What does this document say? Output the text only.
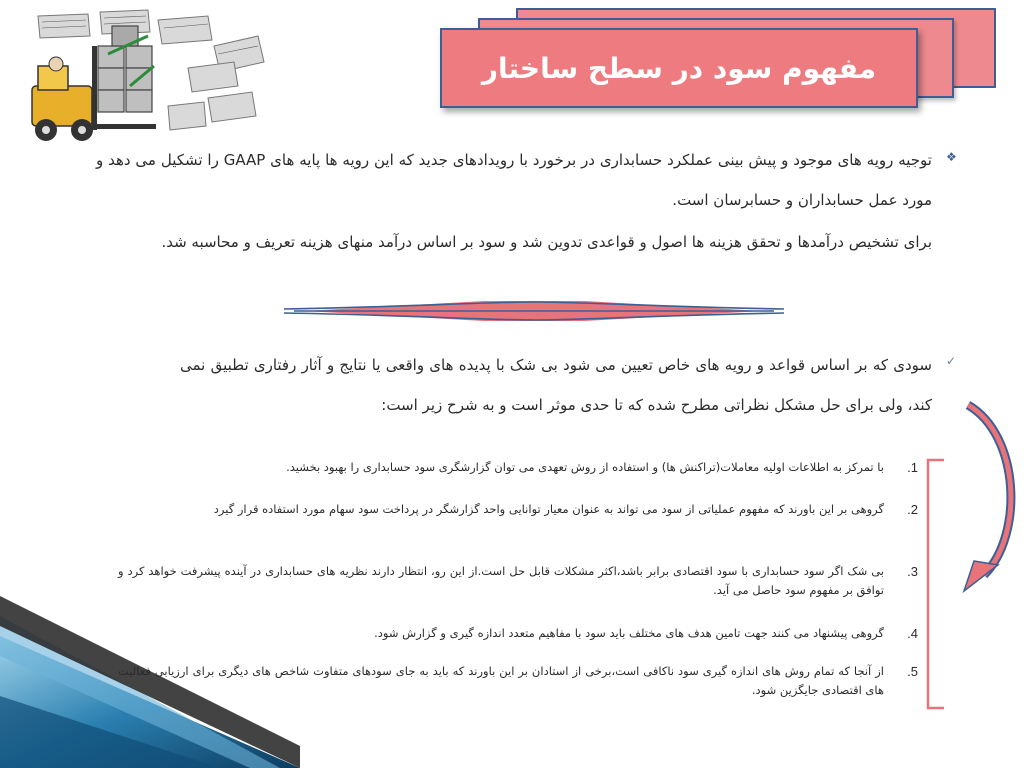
مفهوم سود در سطح ساختار
❖
توجیه رویه های موجود و پیش بینی عملکرد حسابداری در برخورد با رویدادهای جدید که این رویه ها پایه های GAAP را تشکیل می دهد و مورد عمل حسابداران و حسابرسان است.
برای تشخیص درآمدها و تحقق هزینه ها اصول و قواعدی تدوین شد و سود بر اساس درآمد منهای هزینه تعریف و محاسبه شد.
✓
سودی که بر اساس قواعد و رویه های خاص تعیین می شود بی شک با پدیده های واقعی یا نتایج و آثار رفتاری تطبیق نمی کند، ولی برای حل مشکل نظراتی مطرح شده که تا حدی موثر است و به شرح زیر است:
1.
با تمرکز به اطلاعات اولیه معاملات(تراکنش ها) و استفاده از روش تعهدی می توان گزارشگری سود حسابداری را بهبود بخشید.
2.
گروهی بر این باورند که مفهوم عملیاتی از سود می تواند به عنوان معیار توانایی واحد گزارشگر در پرداخت سود سهام مورد استفاده قرار گیرد
3.
بی شک اگر سود حسابداری با سود اقتصادی برابر باشد،اکثر مشکلات قابل حل است.از این رو، انتظار دارند نظریه های حسابداری در آینده پیشرفت خواهد کرد و توافق بر مفهوم سود حاصل می آید.
4.
گروهی پیشنهاد می کنند جهت تامین هدف های مختلف باید سود با مفاهیم متعدد اندازه گیری و گزارش شود.
5.
از آنجا که تمام روش های اندازه گیری سود ناکافی است،برخی از استادان بر این باورند که باید به جای سودهای متفاوت شاخص های دیگری برای ارزیابی فعالیت های اقتصادی جایگزین شود.
